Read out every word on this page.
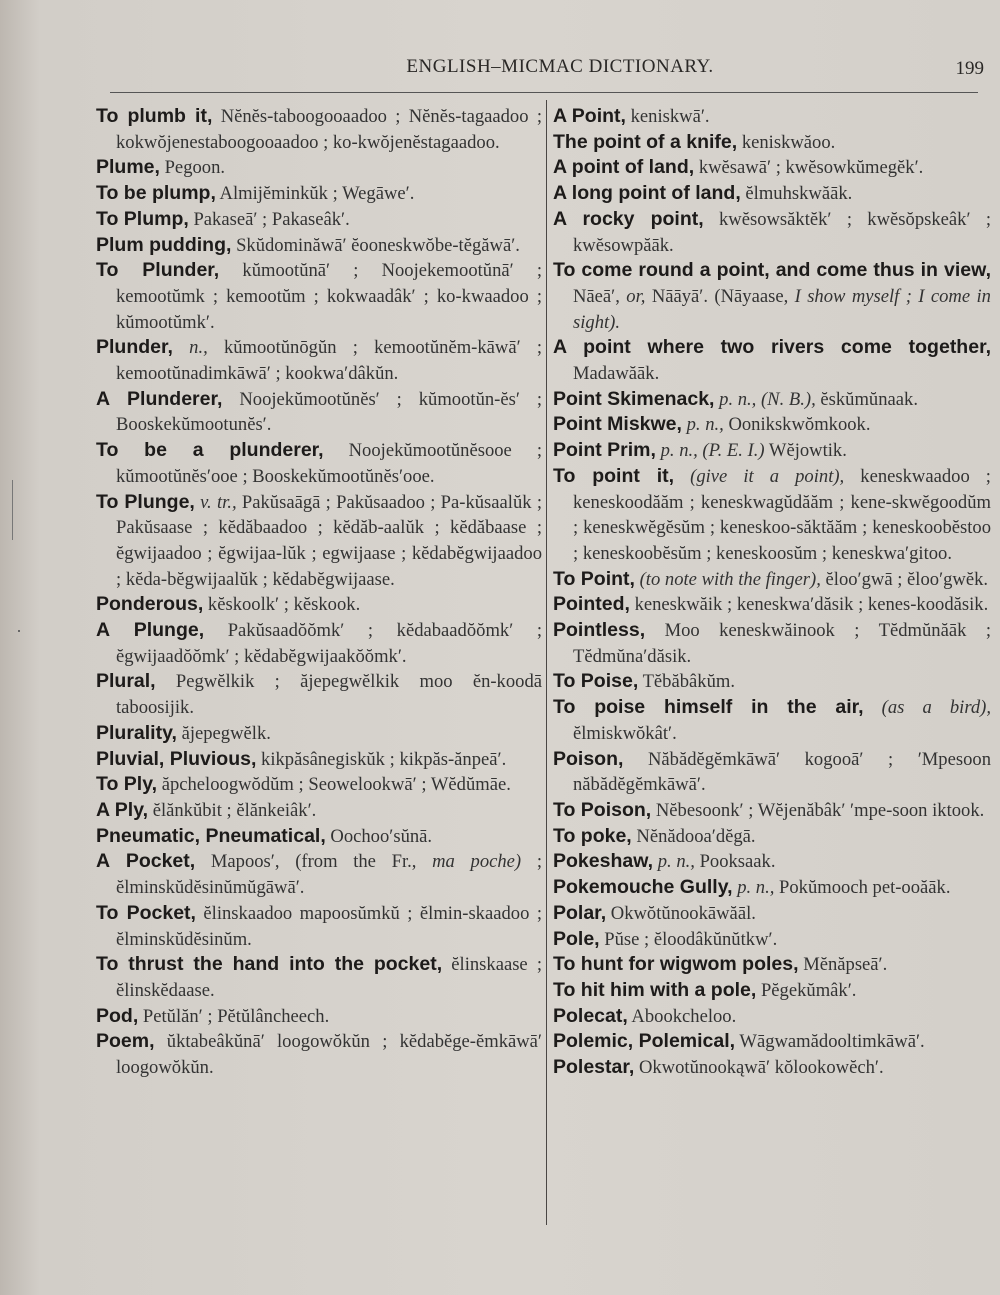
ENGLISH–MICMAC DICTIONARY.	199

To plumb it, Nĕnĕs-taboogooaadoo ; Nĕnĕs-tagaadoo ; kokwŏjenestaboogooaadoo ; ko-kwŏjenĕstagaadoo.

Plume, Pegoon.

To be plump, Almijĕminkŭk ; Wegāwe′.

To Plump, Pakaseā′ ; Pakaseâk′.

Plum pudding, Skŭdominăwā′ ĕooneskwŏbe-tĕgăwā′.

To Plunder, kŭmootŭnā′ ; Noojekemootŭnā′ ; kemootŭmk ; kemootŭm ; kokwaadâk′ ; ko-kwaadoo ; kŭmootŭmk′.

Plunder, n., kŭmootŭnōgŭn ; kemootŭnĕm-kāwā′ ; kemootŭnadimkāwā′ ; kookwa′dâkŭn.

A Plunderer, Noojekŭmootŭnĕs′ ; kŭmootŭn-ĕs′ ; Booskekŭmootunĕs′.

To be a plunderer, Noojekŭmootŭnĕsooe ; kŭmootŭnĕs′ooe ; Booskekŭmootŭnĕs′ooe.

To Plunge, v. tr., Pakŭsaāgā ; Pakŭsaadoo ; Pa-kŭsaalŭk ; Pakŭsaase ; kĕdăbaadoo ; kĕdăb-aalŭk ; kĕdăbaase ; ĕgwijaadoo ; ĕgwijaa-lŭk ; egwijaase ; kĕdabĕgwijaadoo ; kĕda-bĕgwijaalŭk ; kĕdabĕgwijaase.

Ponderous, kĕskoolk′ ; kĕskook.

A Plunge, Pakŭsaadŏŏmk′ ; kĕdabaadŏŏmk′ ; ĕgwijaadŏŏmk′ ; kĕdabĕgwijaakŏŏmk′.

Plural, Pegwĕlkik ; ăjepegwĕlkik moo ĕn-koodā taboosijik.

Plurality, ăjepegwĕlk.

Pluvial, Pluvious, kikpăsânegiskŭk ; kikpăs-ănpeā′.

To Ply, ăpcheloogwŏdŭm ; Seowelookwā′ ; Wĕdŭmāe.

A Ply, ĕlănkŭbit ; ĕlănkeiâk′.

Pneumatic, Pneumatical, Oochoo′sŭnā.

A Pocket, Mapoos′, (from the Fr., ma poche) ; ĕlminskŭdĕsinŭmŭgāwā′.

To Pocket, ĕlinskaadoo mapoosŭmkŭ ; ĕlmin-skaadoo ; ĕlminskŭdĕsinŭm.

To thrust the hand into the pocket, ĕlinskaase ; ĕlinskĕdaase.

Pod, Petŭlăn′ ; Pĕtŭlâncheech.

Poem, ŭktabeâkŭnā′ loogowŏkŭn ; kĕdabĕge-ĕmkāwā′ loogowŏkŭn.

A Point, keniskwā′.

The point of a knife, keniskwăoo.

A point of land, kwĕsawā′ ; kwĕsowkŭmegĕk′.

A long point of land, ĕlmuhskwăāk.

A rocky point, kwĕsowsăktĕk′ ; kwĕsŏpskeâk′ ; kwĕsowpăāk.

To come round a point, and come thus in view, Nāeā′, or, Nāāyā′. (Nāyaase, I show myself ; I come in sight).

A point where two rivers come together, Madawăāk.

Point Skimenack, p. n., (N. B.), ĕskŭmŭnaak.

Point Miskwe, p. n., Oonikskwŏmkook.

Point Prim, p. n., (P. E. I.) Wĕjowtik.

To point it, (give it a point), keneskwaadoo ; keneskoodăăm ; keneskwagŭdăăm ; kene-skwĕgoodŭm ; keneskwĕgĕsŭm ; keneskoo-săktăăm ; keneskoobĕstoo ; keneskoobĕsŭm ; keneskoosŭm ; keneskwa′gitoo.

To Point, (to note with the finger), ĕloo′gwā ; ĕloo′gwĕk.

Pointed, keneskwăik ; keneskwa′dăsik ; kenes-koodăsik.

Pointless, Moo keneskwăinook ; Tĕdmŭnăāk ; Tĕdmŭna′dăsik.

To Poise, Tĕbăbâkŭm.

To poise himself in the air, (as a bird), ĕlmiskwŏkât′.

Poison, Năbădĕgĕmkāwā′ kogooā′ ; ′Mpesoon năbădĕgĕmkāwā′.

To Poison, Nĕbesoonk′ ; Wĕjenăbâk′ ′mpe-soon iktook.

To poke, Nĕnădooa′dĕgā.

Pokeshaw, p. n., Pooksaak.

Pokemouche Gully, p. n., Pokŭmooch pet-ooăāk.

Polar, Okwŏtŭnookāwăāl.

Pole, Pŭse ; ĕloodâkŭnŭtkw′.

To hunt for wigwom poles, Mĕnăpseā′.

To hit him with a pole, Pĕgekŭmâk′.

Polecat, Abookcheloo.

Polemic, Polemical, Wāgwamădooltimkāwā′.

Polestar, Okwotŭnookąwā′ kŏlookowĕch′.
